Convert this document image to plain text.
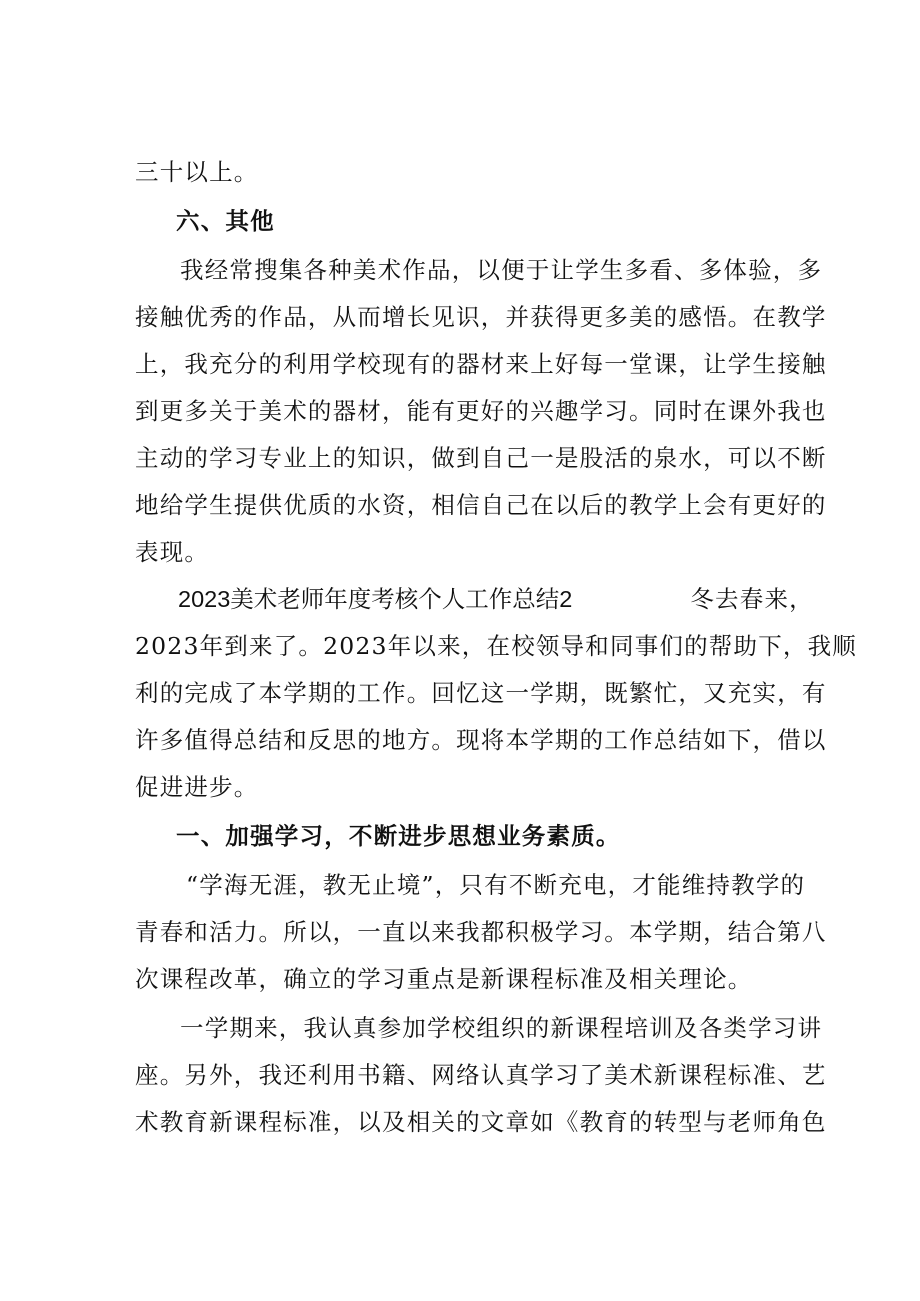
三十以上。
六、其他
我经常搜集各种美术作品，以便于让学生多看、多体验，多
接触优秀的作品，从而增长见识，并获得更多美的感悟。在教学
上，我充分的利用学校现有的器材来上好每一堂课，让学生接触
到更多关于美术的器材，能有更好的兴趣学习。同时在课外我也
主动的学习专业上的知识，做到自己一是股活的泉水，可以不断
地给学生提供优质的水资，相信自己在以后的教学上会有更好的
表现。
2023美术老师年度考核个人工作总结2	冬去春来，
2023年到来了。2023年以来，在校领导和同事们的帮助下，我顺
利的完成了本学期的工作。回忆这一学期，既繁忙，又充实，有
许多值得总结和反思的地方。现将本学期的工作总结如下，借以
促进进步。
一、加强学习，不断进步思想业务素质。
“学海无涯，教无止境”，只有不断充电，才能维持教学的
青春和活力。所以，一直以来我都积极学习。本学期，结合第八
次课程改革，确立的学习重点是新课程标准及相关理论。
一学期来，我认真参加学校组织的新课程培训及各类学习讲
座。另外，我还利用书籍、网络认真学习了美术新课程标准、艺
术教育新课程标准，以及相关的文章如《教育的转型与老师角色
